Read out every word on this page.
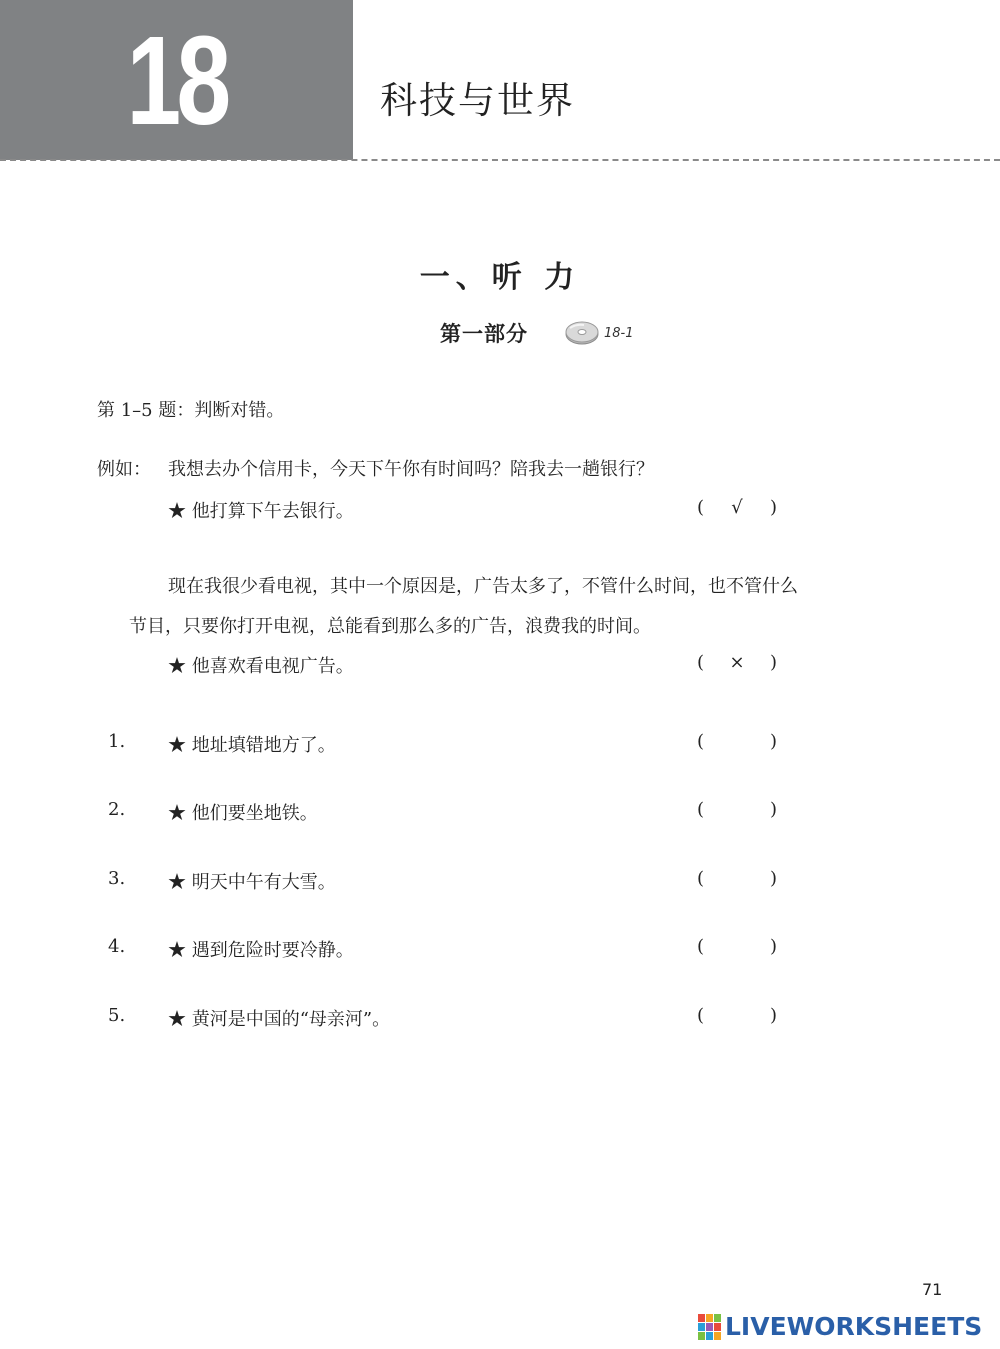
18	科技与世界
一、听 力
第一部分	18-1
第 1–5 题：判断对错。
例如： 我想去办个信用卡，今天下午你有时间吗？陪我去一趟银行？
★ 他打算下午去银行。	(	√	)
现在我很少看电视，其中一个原因是，广告太多了，不管什么时间，也不管什么
节目，只要你打开电视，总能看到那么多的广告，浪费我的时间。
★ 他喜欢看电视广告。	(	×	)
1. ★ 地址填错地方了。	(	)
2. ★ 他们要坐地铁。	(	)
3. ★ 明天中午有大雪。	(	)
4. ★ 遇到危险时要冷静。	(	)
5. ★ 黄河是中国的“母亲河”。	(	)
71
LIVEWORKSHEETS
